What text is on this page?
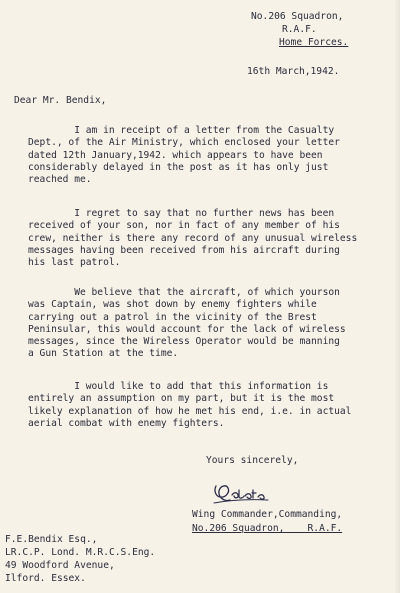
No.206 Squadron,
R.A.F.
Home Forces.
16th March,1942.
Dear Mr. Bendix,
I am in receipt of a letter from the Casualty
Dept., of the Air Ministry, which enclosed your letter
dated 12th January,1942. which appears to have been
considerably delayed in the post as it has only just
reached me.
I regret to say that no further news has been
received of your son, nor in fact of any member of his
crew, neither is there any record of any unusual wireless
messages having been received from his aircraft during
his last patrol.
We believe that the aircraft, of which yourson
was Captain, was shot down by enemy fighters while
carrying out a patrol in the vicinity of the Brest
Peninsular, this would account for the lack of wireless
messages, since the Wireless Operator would be manning
a Gun Station at the time.
I would like to add that this information is
entirely an assumption on my part, but it is the most
likely explanation of how he met his end, i.e. in actual
aerial combat with enemy fighters.
Yours sincerely,
Wing Commander,Commanding,
No.206 Squadron,    R.A.F.
F.E.Bendix Esq.,
LR.C.P. Lond. M.R.C.S.Eng.
49 Woodford Avenue,
Ilford. Essex.
